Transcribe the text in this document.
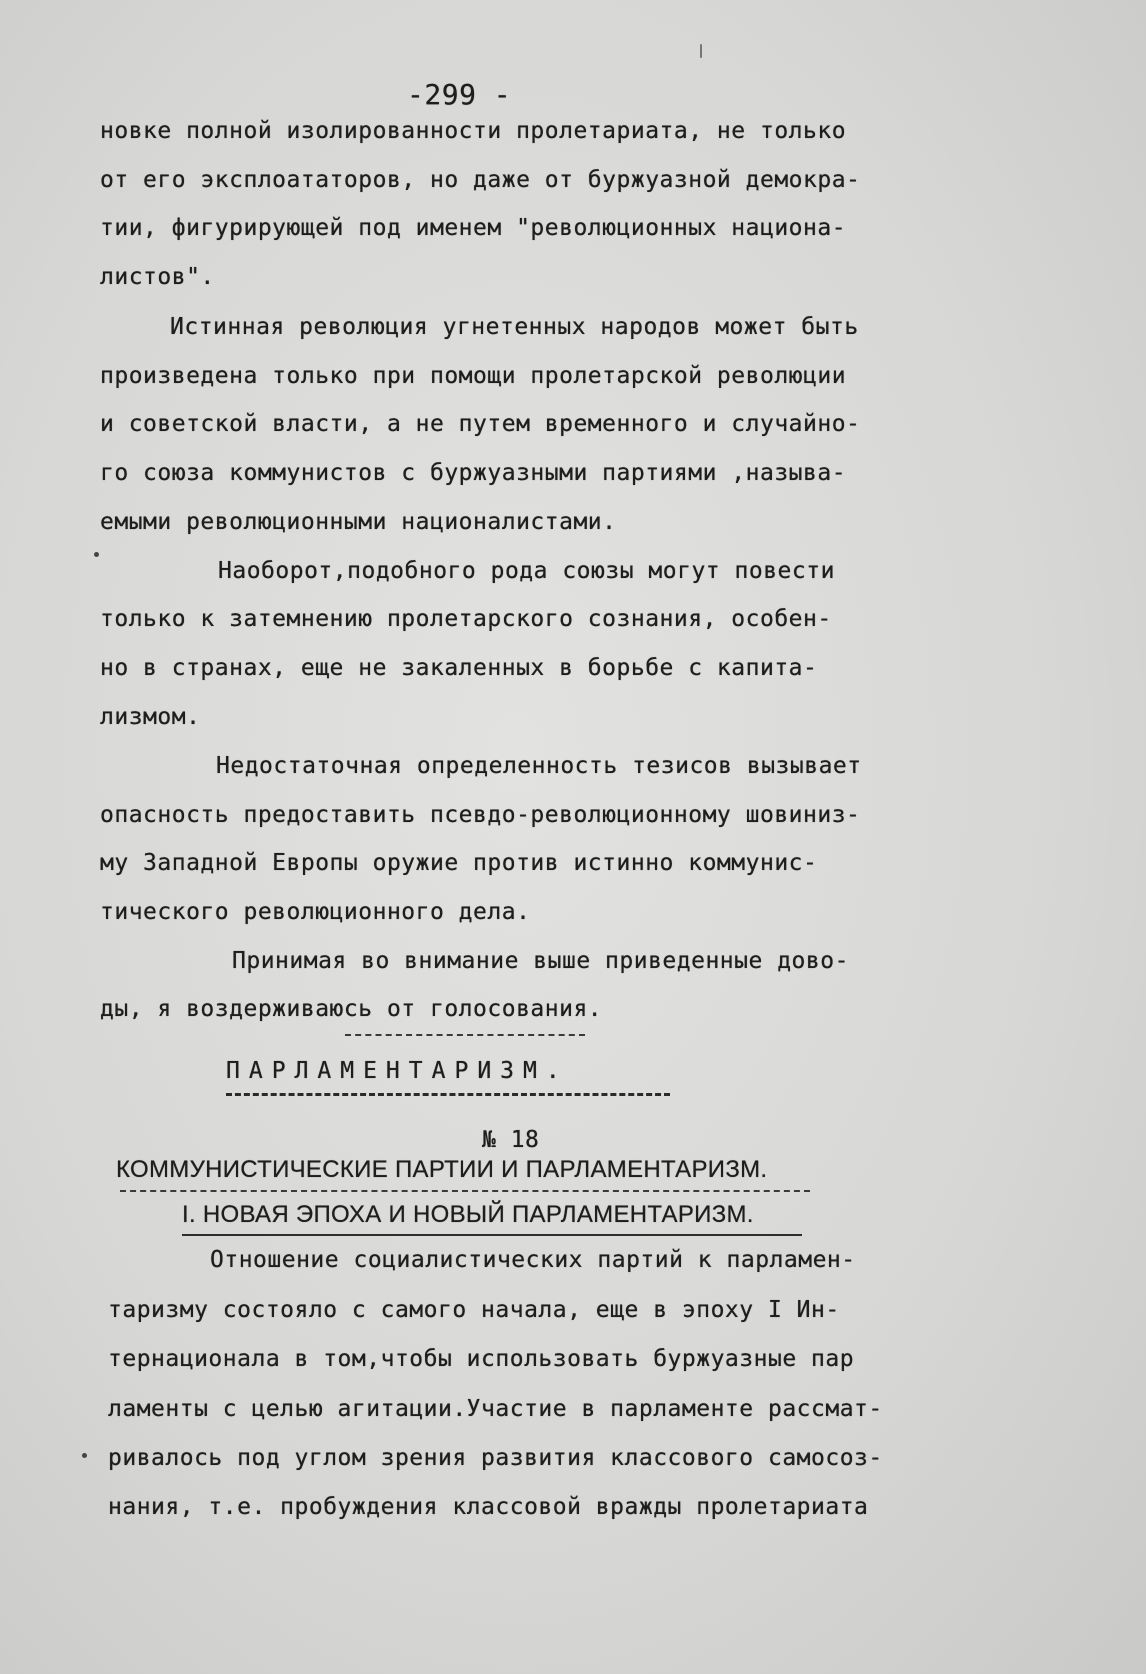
-299 -
новке полной изолированности пролетариата, не только
от его эксплоататоров, но даже от буржуазной демокра-
тии, фигурирующей под именем "революционных национа-
листов".
Истинная революция угнетенных народов может быть
произведена только при помощи пролетарской революции
и советской власти, а не путем временного и случайно-
го союза коммунистов с буржуазными партиями ,называ-
емыми революционными националистами.
Наоборот,подобного рода союзы могут повести
только к затемнению пролетарского сознания, особен-
но в странах, еще не закаленных в борьбе с капита-
лизмом.
Недостаточная определенность тезисов вызывает
опасность предоставить псевдо-революционному шовиниз-
му Западной Европы оружие против истинно коммунис-
тического революционного дела.
Принимая во внимание выше приведенные дово-
ды, я воздерживаюсь от голосования.
ПАРЛАМЕНТАРИЗМ.
№ 18
КОММУНИСТИЧЕСКИЕ ПАРТИИ И ПАРЛАМЕНТАРИЗМ.
I. НОВАЯ ЭПОХА И НОВЫЙ ПАРЛАМЕНТАРИЗМ.
Отношение социалистических партий к парламен-
таризму состояло с самого начала, еще в эпоху I Ин-
тернационала в том,чтобы использовать буржуазные пар
ламенты с целью агитации.Участие в парламенте рассмат-
ривалось под углом зрения развития классового самосоз-
нания, т.е. пробуждения классовой вражды пролетариата
